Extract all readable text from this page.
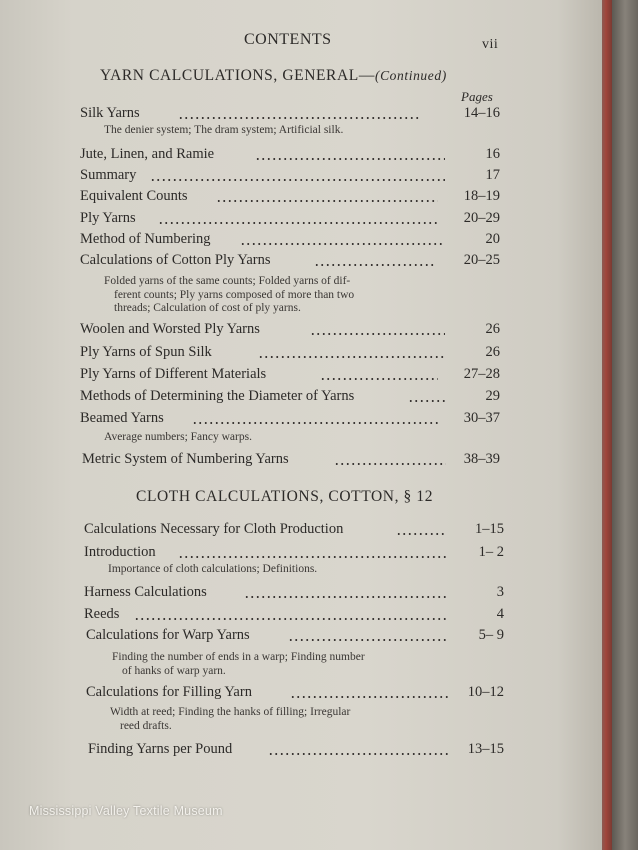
CONTENTS	vii
YARN CALCULATIONS, GENERAL—(Continued)
Pages
Silk Yarns	14–16
The denier system; The dram system; Artificial silk.
Jute, Linen, and Ramie	16
Summary	17
Equivalent Counts	18–19
Ply Yarns	20–29
Method of Numbering	20
Calculations of Cotton Ply Yarns	20–25
Folded yarns of the same counts; Folded yarns of dif-
ferent counts; Ply yarns composed of more than two
threads; Calculation of cost of ply yarns.
Woolen and Worsted Ply Yarns	26
Ply Yarns of Spun Silk	26
Ply Yarns of Different Materials	27–28
Methods of Determining the Diameter of Yarns	29
Beamed Yarns	30–37
Average numbers; Fancy warps.
Metric System of Numbering Yarns	38–39
CLOTH CALCULATIONS, COTTON, § 12
Calculations Necessary for Cloth Production	1–15
Introduction	1– 2
Importance of cloth calculations; Definitions.
Harness Calculations	3
Reeds	4
Calculations for Warp Yarns	5– 9
Finding the number of ends in a warp; Finding number
of hanks of warp yarn.
Calculations for Filling Yarn	10–12
Width at reed; Finding the hanks of filling; Irregular
reed drafts.
Finding Yarns per Pound	13–15
Mississippi Valley Textile Museum
